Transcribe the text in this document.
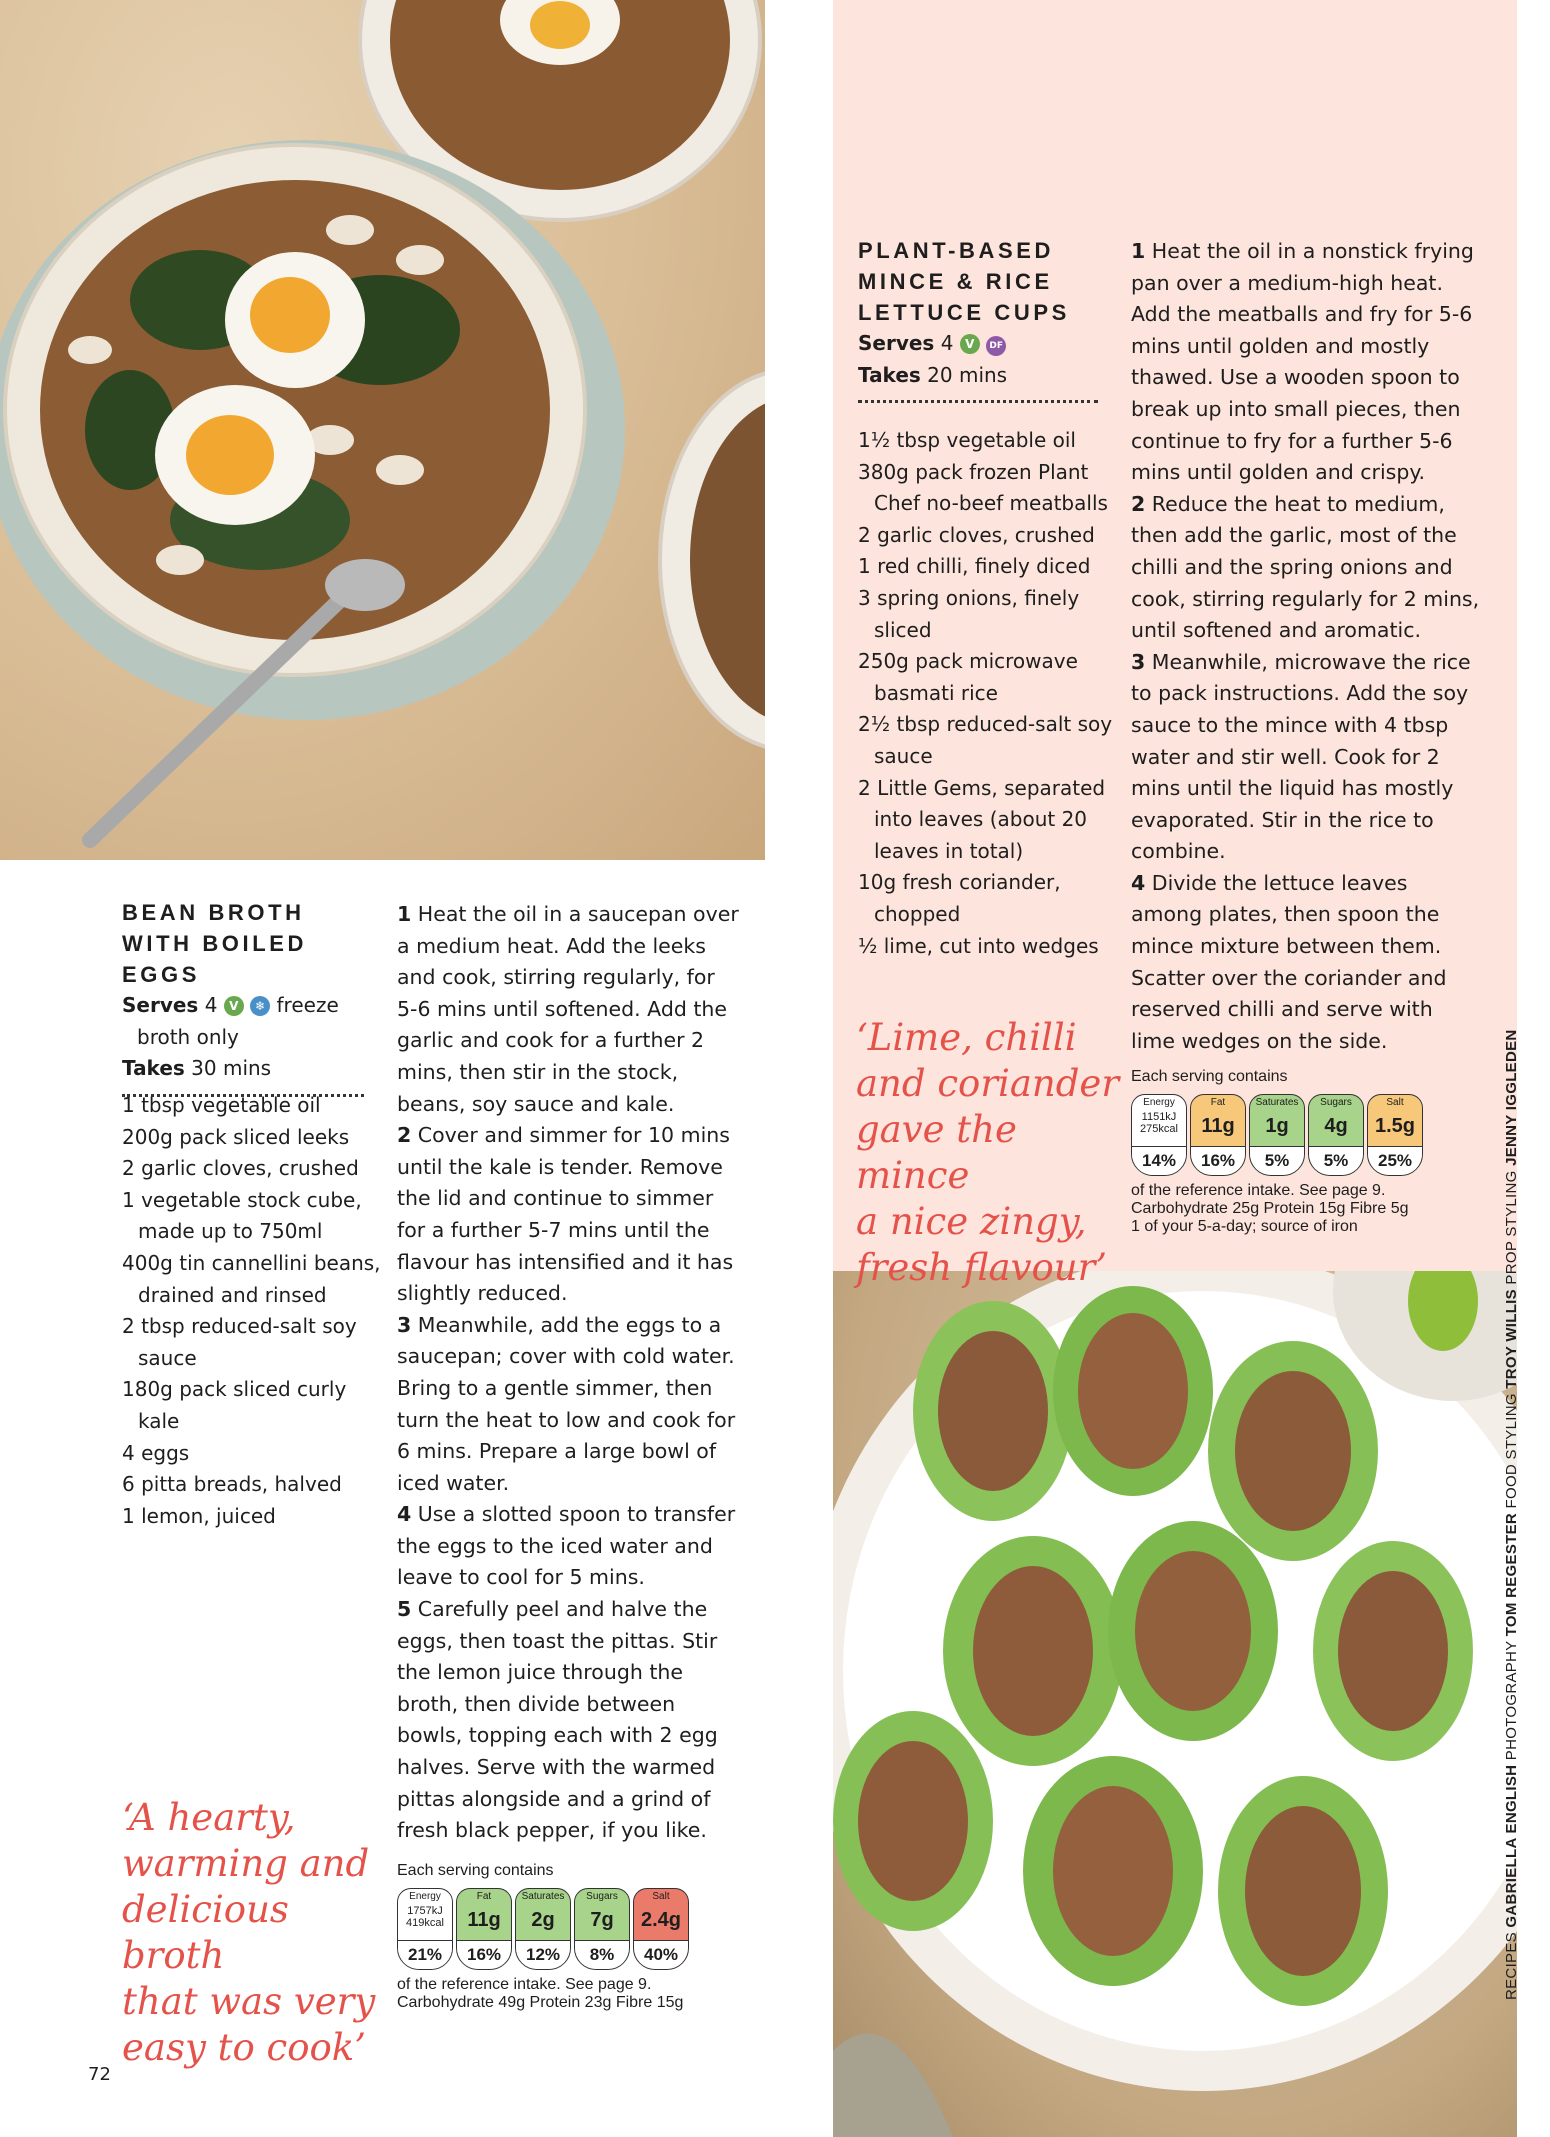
BEAN BROTH
WITH BOILED EGGS
Serves 4 V ❄ freeze
broth only
Takes 30 mins
1 tbsp vegetable oil
200g pack sliced leeks
2 garlic cloves, crushed
1 vegetable stock cube, made up to 750ml
400g tin cannellini beans, drained and rinsed
2 tbsp reduced-salt soy sauce
180g pack sliced curly kale
4 eggs
6 pitta breads, halved
1 lemon, juiced
1 Heat the oil in a saucepan over a medium heat. Add the leeks and cook, stirring regularly, for 5-6 mins until softened. Add the garlic and cook for a further 2 mins, then stir in the stock, beans, soy sauce and kale.
2 Cover and simmer for 10 mins until the kale is tender. Remove the lid and continue to simmer for a further 5-7 mins until the flavour has intensified and it has slightly reduced.
3 Meanwhile, add the eggs to a saucepan; cover with cold water. Bring to a gentle simmer, then turn the heat to low and cook for 6 mins. Prepare a large bowl of iced water.
4 Use a slotted spoon to transfer the eggs to the iced water and leave to cool for 5 mins.
5 Carefully peel and halve the eggs, then toast the pittas. Stir the lemon juice through the broth, then divide between bowls, topping each with 2 egg halves. Serve with the warmed pittas alongside and a grind of fresh black pepper, if you like.
‘A hearty,
warming and
delicious broth
that was very
easy to cook’
Each serving contains
Energy
1757kJ
419kcal
21%
Fat
11g
16%
Saturates
2g
12%
Sugars
7g
8%
Salt
2.4g
40%
of the reference intake. See page 9.
Carbohydrate 49g Protein 23g Fibre 15g
PLANT-BASED
MINCE & RICE
LETTUCE CUPS
Serves 4 V DF
Takes 20 mins
1½ tbsp vegetable oil
380g pack frozen Plant Chef no-beef meatballs
2 garlic cloves, crushed
1 red chilli, finely diced
3 spring onions, finely sliced
250g pack microwave basmati rice
2½ tbsp reduced-salt soy sauce
2 Little Gems, separated into leaves (about 20 leaves in total)
10g fresh coriander, chopped
½ lime, cut into wedges
1 Heat the oil in a nonstick frying pan over a medium-high heat. Add the meatballs and fry for 5-6 mins until golden and mostly thawed. Use a wooden spoon to break up into small pieces, then continue to fry for a further 5-6 mins until golden and crispy.
2 Reduce the heat to medium, then add the garlic, most of the chilli and the spring onions and cook, stirring regularly for 2 mins, until softened and aromatic.
3 Meanwhile, microwave the rice to pack instructions. Add the soy sauce to the mince with 4 tbsp water and stir well. Cook for 2 mins until the liquid has mostly evaporated. Stir in the rice to combine.
4 Divide the lettuce leaves among plates, then spoon the mince mixture between them. Scatter over the coriander and reserved chilli and serve with lime wedges on the side.
‘Lime, chilli
and coriander
gave the mince
a nice zingy,
fresh flavour’
Each serving contains
Energy
1151kJ
275kcal
14%
Fat
11g
16%
Saturates
1g
5%
Sugars
4g
5%
Salt
1.5g
25%
of the reference intake. See page 9.
Carbohydrate 25g Protein 15g Fibre 5g
1 of your 5-a-day; source of iron
RECIPES GABRIELLA ENGLISH PHOTOGRAPHY TOM REGESTER FOOD STYLING TROY WILLIS PROP STYLING JENNY IGGLEDEN
72
